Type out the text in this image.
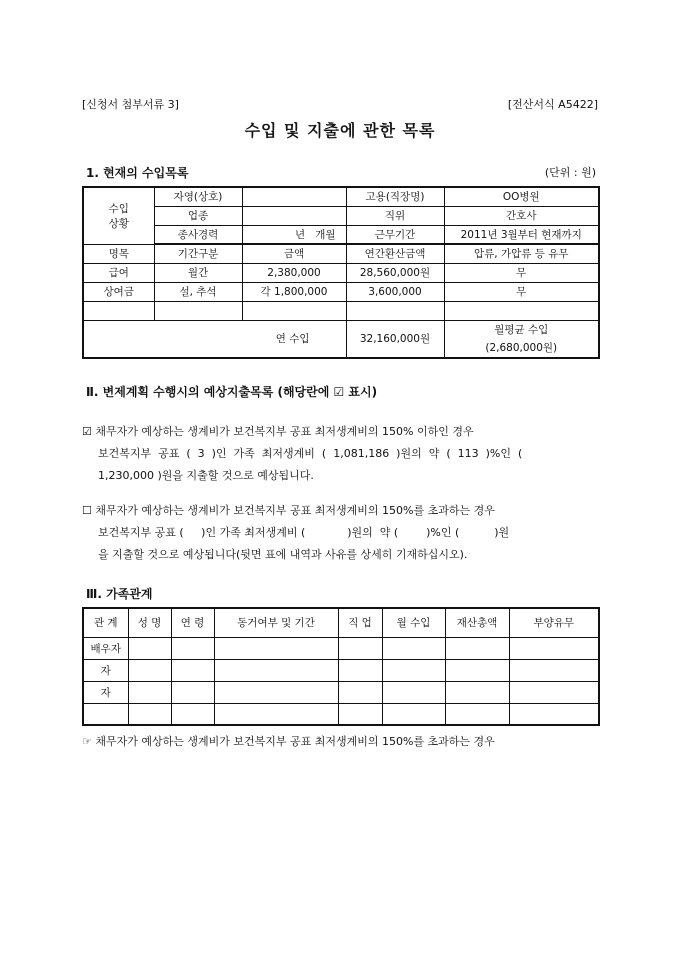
[신청서 첨부서류 3]	[전산서식 A5422]
수입 및 지출에 관한 목록
1. 현재의 수입목록	(단위 : 원)
수입
상황	자영(상호)		고용(직장명)	OO병원
	업종		직위	간호사
	종사경력	년   개월	근무기간	2011년 3월부터 현재까지
명목	기간구분	금액	연간환산금액	압류, 가압류 등 유무
급여	월간	2,380,000	28,560,000원	무
상여금	설, 추석	각 1,800,000	3,600,000	무

연 수입			32,160,000원	월평균 수입
(2,680,000원)
Ⅱ. 변제계획 수행시의 예상지출목록 (해당란에 ☑ 표시)
☑ 채무자가 예상하는 생계비가 보건복지부 공표 최저생계비의 150% 이하인 경우
보건복지부  공표  (  3  )인  가족  최저생계비  (  1,081,186  )원의  약  (  113  )%인  (
1,230,000 )원을 지출할 것으로 예상됩니다.
☐ 채무자가 예상하는 생계비가 보건복지부 공표 최저생계비의 150%를 초과하는 경우
보건복지부 공표 (     )인 가족 최저생계비 (            )원의  약 (        )%인 (          )원
을 지출할 것으로 예상됩니다(뒷면 표에 내역과 사유를 상세히 기재하십시오).
Ⅲ. 가족관계
관 계	성 명	연 령	동거여부 및 기간	직 업	월 수입	재산총액	부양유무
배우자							
자							
자							

☞ 채무자가 예상하는 생계비가 보건복지부 공표 최저생계비의 150%를 초과하는 경우
